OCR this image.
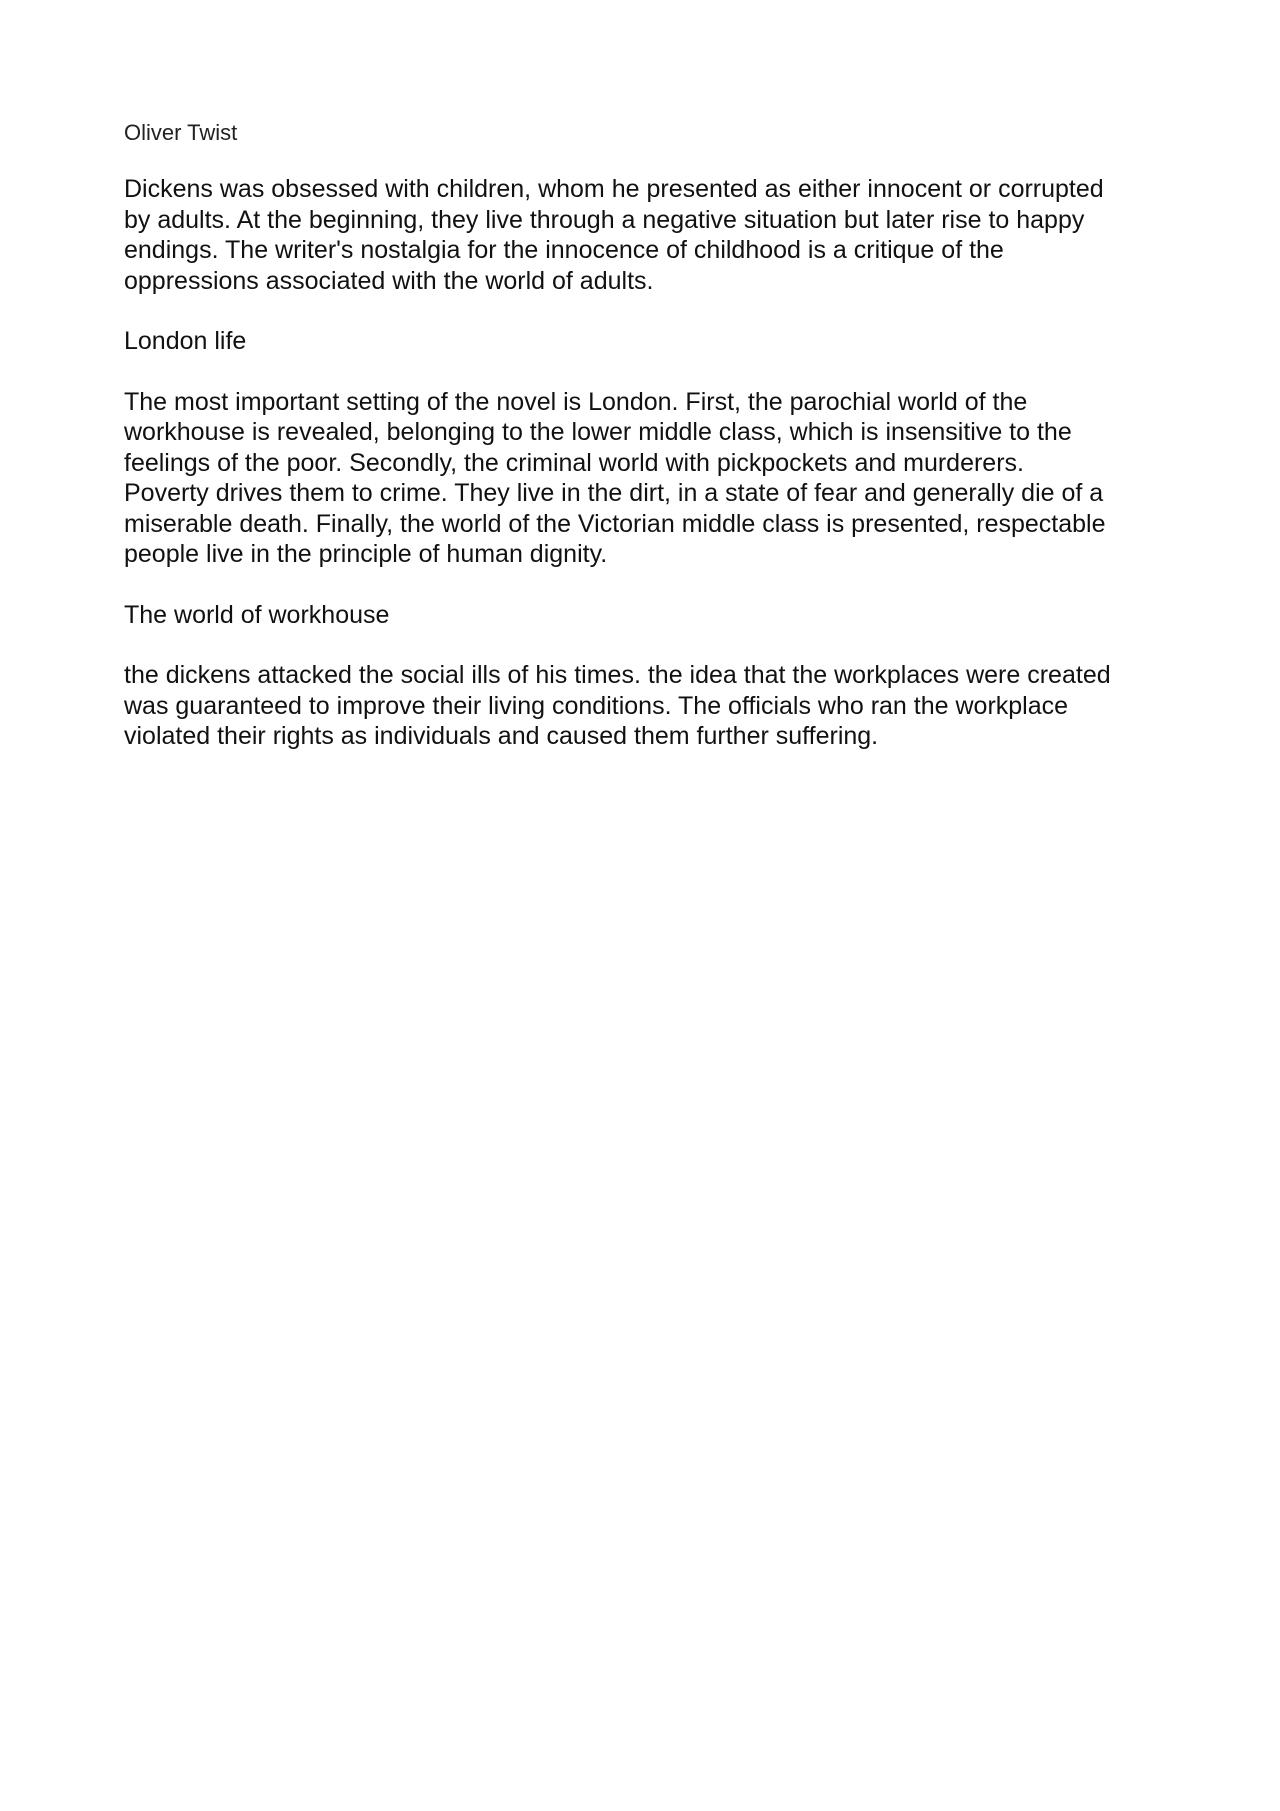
Oliver Twist

Dickens was obsessed with children, whom he presented as either innocent or corrupted
by adults. At the beginning, they live through a negative situation but later rise to happy
endings. The writer's nostalgia for the innocence of childhood is a critique of the
oppressions associated with the world of adults.

London life

The most important setting of the novel is London. First, the parochial world of the
workhouse is revealed, belonging to the lower middle class, which is insensitive to the
feelings of the poor. Secondly, the criminal world with pickpockets and murderers.
Poverty drives them to crime. They live in the dirt, in a state of fear and generally die of a
miserable death. Finally, the world of the Victorian middle class is presented, respectable
people live in the principle of human dignity.

The world of workhouse

the dickens attacked the social ills of his times. the idea that the workplaces were created
was guaranteed to improve their living conditions. The officials who ran the workplace
violated their rights as individuals and caused them further suffering.
